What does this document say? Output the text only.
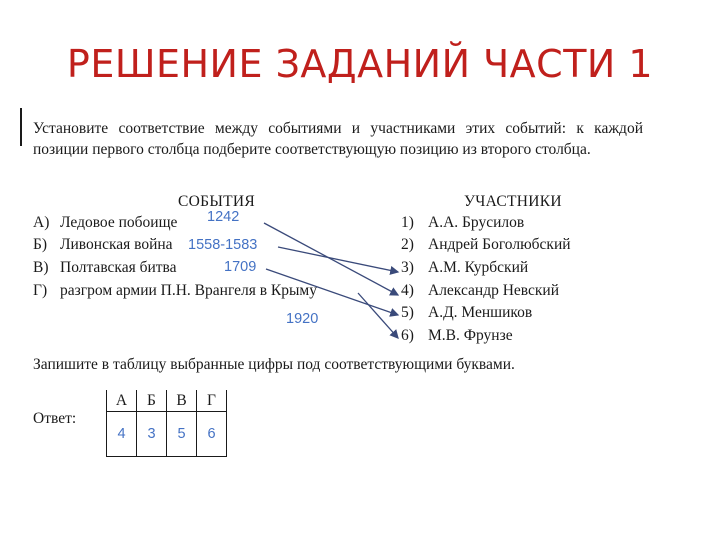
РЕШЕНИЕ ЗАДАНИЙ ЧАСТИ 1
Установите соответствие между событиями и участниками этих событий: к каждой позиции первого столбца подберите соответствующую позицию из второго столбца.
СОБЫТИЯ	УЧАСТНИКИ
А) Ледовое побоище
Б) Ливонская война
В) Полтавская битва
Г) разгром армии П.Н. Врангеля в Крыму
1) А.А. Брусилов
2) Андрей Боголюбский
3) А.М. Курбский
4) Александр Невский
5) А.Д. Меншиков
6) М.В. Фрунзе
1242
1558-1583
1709
1920
Запишите в таблицу выбранные цифры под соответствующими буквами.
Ответ:
А	Б	В	Г
4	3	5	6
